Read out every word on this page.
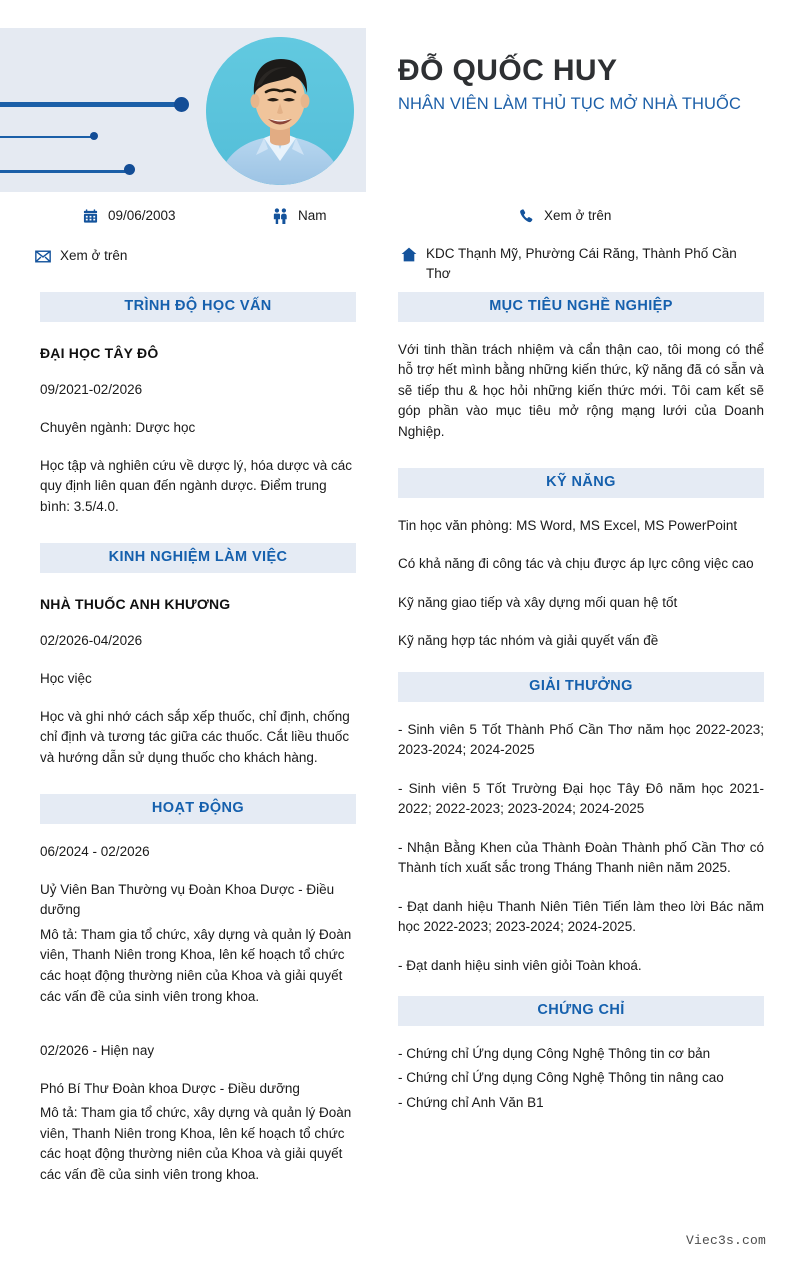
ĐỖ QUỐC HUY
NHÂN VIÊN LÀM THỦ TỤC MỞ NHÀ THUỐC
09/06/2003	Nam	Xem ở trên
Xem ở trên	KDC Thạnh Mỹ, Phường Cái Răng, Thành Phố Cần Thơ
TRÌNH ĐỘ HỌC VẤN
ĐẠI HỌC TÂY ĐÔ
09/2021-02/2026
Chuyên ngành: Dược học
Học tập và nghiên cứu về dược lý, hóa dược và các quy định liên quan đến ngành dược. Điểm trung bình: 3.5/4.0.
KINH NGHIỆM LÀM VIỆC
NHÀ THUỐC ANH KHƯƠNG
02/2026-04/2026
Học việc
Học và ghi nhớ cách sắp xếp thuốc, chỉ định, chống chỉ định và tương tác giữa các thuốc. Cắt liều thuốc và hướng dẫn sử dụng thuốc cho khách hàng.
HOẠT ĐỘNG
06/2024 - 02/2026
Uỷ Viên Ban Thường vụ Đoàn Khoa Dược - Điều dưỡng
Mô tả: Tham gia tổ chức, xây dựng và quản lý Đoàn viên, Thanh Niên trong Khoa, lên kế hoạch tổ chức các hoạt động thường niên của Khoa và giải quyết các vấn đề của sinh viên trong khoa.
02/2026 - Hiện nay
Phó Bí Thư Đoàn khoa Dược - Điều dưỡng
Mô tả: Tham gia tổ chức, xây dựng và quản lý Đoàn viên, Thanh Niên trong Khoa, lên kế hoạch tổ chức các hoạt động thường niên của Khoa và giải quyết các vấn đề của sinh viên trong khoa.
MỤC TIÊU NGHỀ NGHIỆP
Với tinh thần trách nhiệm và cẩn thận cao, tôi mong có thể hỗ trợ hết mình bằng những kiến thức, kỹ năng đã có sẵn và sẽ tiếp thu & học hỏi những kiến thức mới. Tôi cam kết sẽ góp phần vào mục tiêu mở rộng mạng lưới của Doanh Nghiệp.
KỸ NĂNG
Tin học văn phòng: MS Word, MS Excel, MS PowerPoint
Có khả năng đi công tác và chịu được áp lực công việc cao
Kỹ năng giao tiếp và xây dựng mối quan hệ tốt
Kỹ năng hợp tác nhóm và giải quyết vấn đề
GIẢI THƯỞNG
- Sinh viên 5 Tốt Thành Phố Cần Thơ năm học 2022-2023; 2023-2024; 2024-2025
- Sinh viên 5 Tốt Trường Đại học Tây Đô năm học 2021-2022; 2022-2023; 2023-2024; 2024-2025
- Nhận Bằng Khen của Thành Đoàn Thành phố Cần Thơ có Thành tích xuất sắc trong Tháng Thanh niên năm 2025.
- Đạt danh hiệu Thanh Niên Tiên Tiến làm theo lời Bác năm học 2022-2023; 2023-2024; 2024-2025.
- Đạt danh hiệu sinh viên giỏi Toàn khoá.
CHỨNG CHỈ
- Chứng chỉ Ứng dụng Công Nghệ Thông tin cơ bản
- Chứng chỉ Ứng dụng Công Nghệ Thông tin nâng cao
- Chứng chỉ Anh Văn B1
Viec3s.com
